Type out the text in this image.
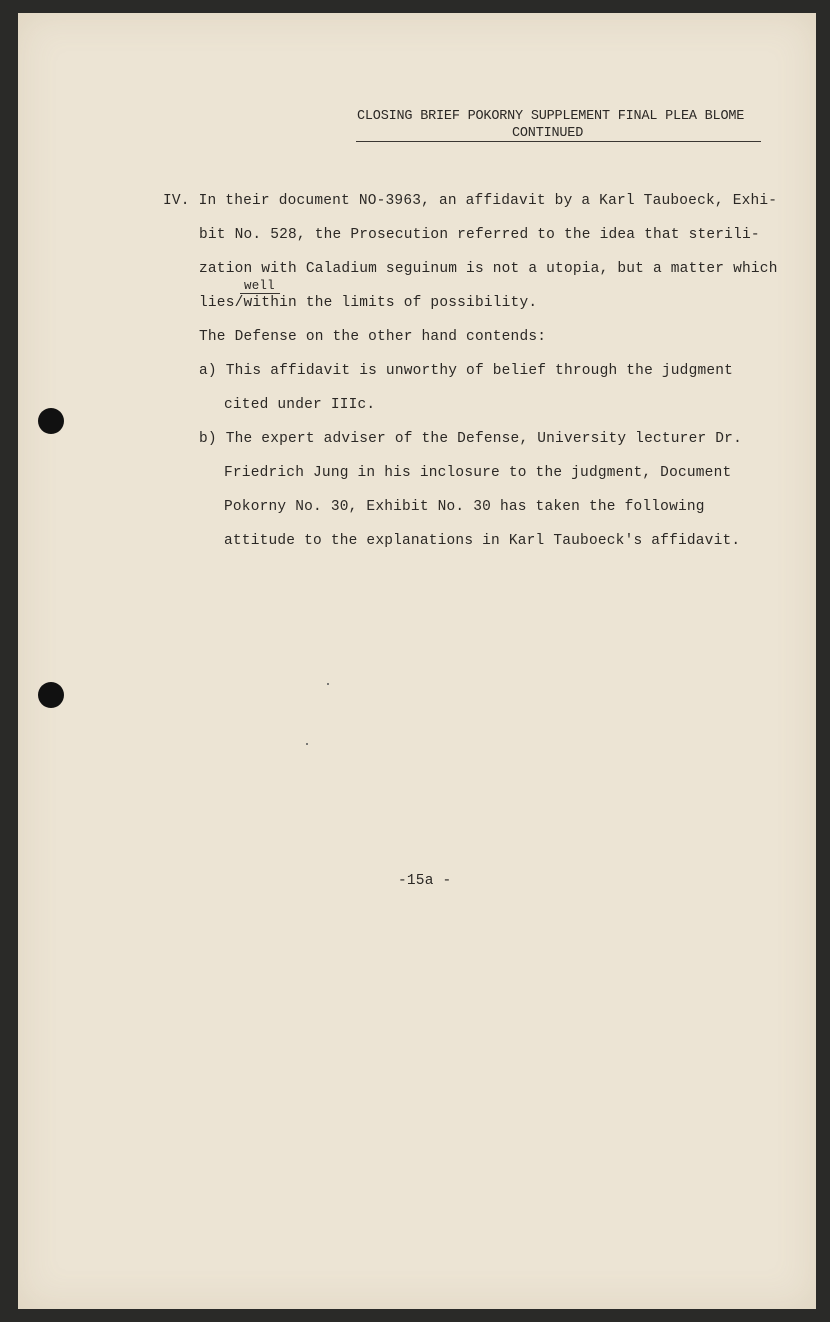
CLOSING BRIEF POKORNY SUPPLEMENT FINAL PLEA BLOME
CONTINUED
IV. In their document NO-3963, an affidavit by a Karl Tauboeck, Exhi-
bit No. 528, the Prosecution referred to the idea that sterili-
zation with Caladium seguinum is not a utopia, but a matter which
well
lies/within the limits of possibility.
The Defense on the other hand contends:
a) This affidavit is unworthy of belief through the judgment
cited under IIIc.
b) The expert adviser of the Defense, University lecturer Dr.
Friedrich Jung in his inclosure to the judgment, Document
Pokorny No. 30, Exhibit No. 30 has taken the following
attitude to the explanations in Karl Tauboeck's affidavit.
-15a -
